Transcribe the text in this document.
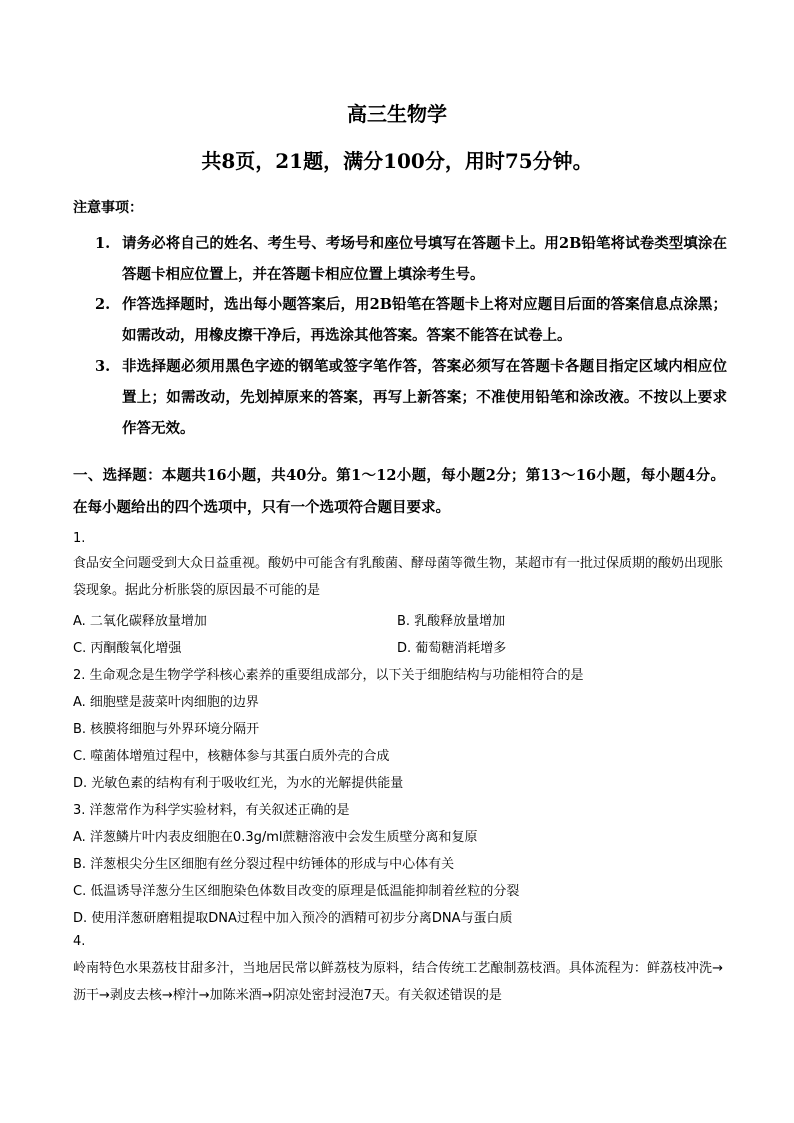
高三生物学
共8页，21题，满分100分，用时75分钟。
注意事项：
1. 请务必将自己的姓名、考生号、考场号和座位号填写在答题卡上。用2B铅笔将试卷类型填涂在答题卡相应位置上，并在答题卡相应位置上填涂考生号。
2. 作答选择题时，选出每小题答案后，用2B铅笔在答题卡上将对应题目后面的答案信息点涂黑；如需改动，用橡皮擦干净后，再选涂其他答案。答案不能答在试卷上。
3. 非选择题必须用黑色字迹的钢笔或签字笔作答，答案必须写在答题卡各题目指定区域内相应位置上；如需改动，先划掉原来的答案，再写上新答案；不准使用铅笔和涂改液。不按以上要求作答无效。
一、选择题：本题共16小题，共40分。第1～12小题，每小题2分；第13～16小题，每小题4分。在每小题给出的四个选项中，只有一个选项符合题目要求。
1.
食品安全问题受到大众日益重视。酸奶中可能含有乳酸菌、酵母菌等微生物，某超市有一批过保质期的酸奶出现胀袋现象。据此分析胀袋的原因最不可能的是
A. 二氧化碳释放量增加	B. 乳酸释放量增加
C. 丙酮酸氧化增强	D. 葡萄糖消耗增多
2. 生命观念是生物学学科核心素养的重要组成部分，以下关于细胞结构与功能相符合的是
A. 细胞壁是菠菜叶肉细胞的边界
B. 核膜将细胞与外界环境分隔开
C. 噬菌体增殖过程中，核糖体参与其蛋白质外壳的合成
D. 光敏色素的结构有利于吸收红光，为水的光解提供能量
3. 洋葱常作为科学实验材料，有关叙述正确的是
A. 洋葱鳞片叶内表皮细胞在0.3g/ml蔗糖溶液中会发生质壁分离和复原
B. 洋葱根尖分生区细胞有丝分裂过程中纺锤体的形成与中心体有关
C. 低温诱导洋葱分生区细胞染色体数目改变的原理是低温能抑制着丝粒的分裂
D. 使用洋葱研磨粗提取DNA过程中加入预冷的酒精可初步分离DNA与蛋白质
4.
岭南特色水果荔枝甘甜多汁，当地居民常以鲜荔枝为原料，结合传统工艺酿制荔枝酒。具体流程为：鲜荔枝冲洗→沥干→剥皮去核→榨汁→加陈米酒→阴凉处密封浸泡7天。有关叙述错误的是
